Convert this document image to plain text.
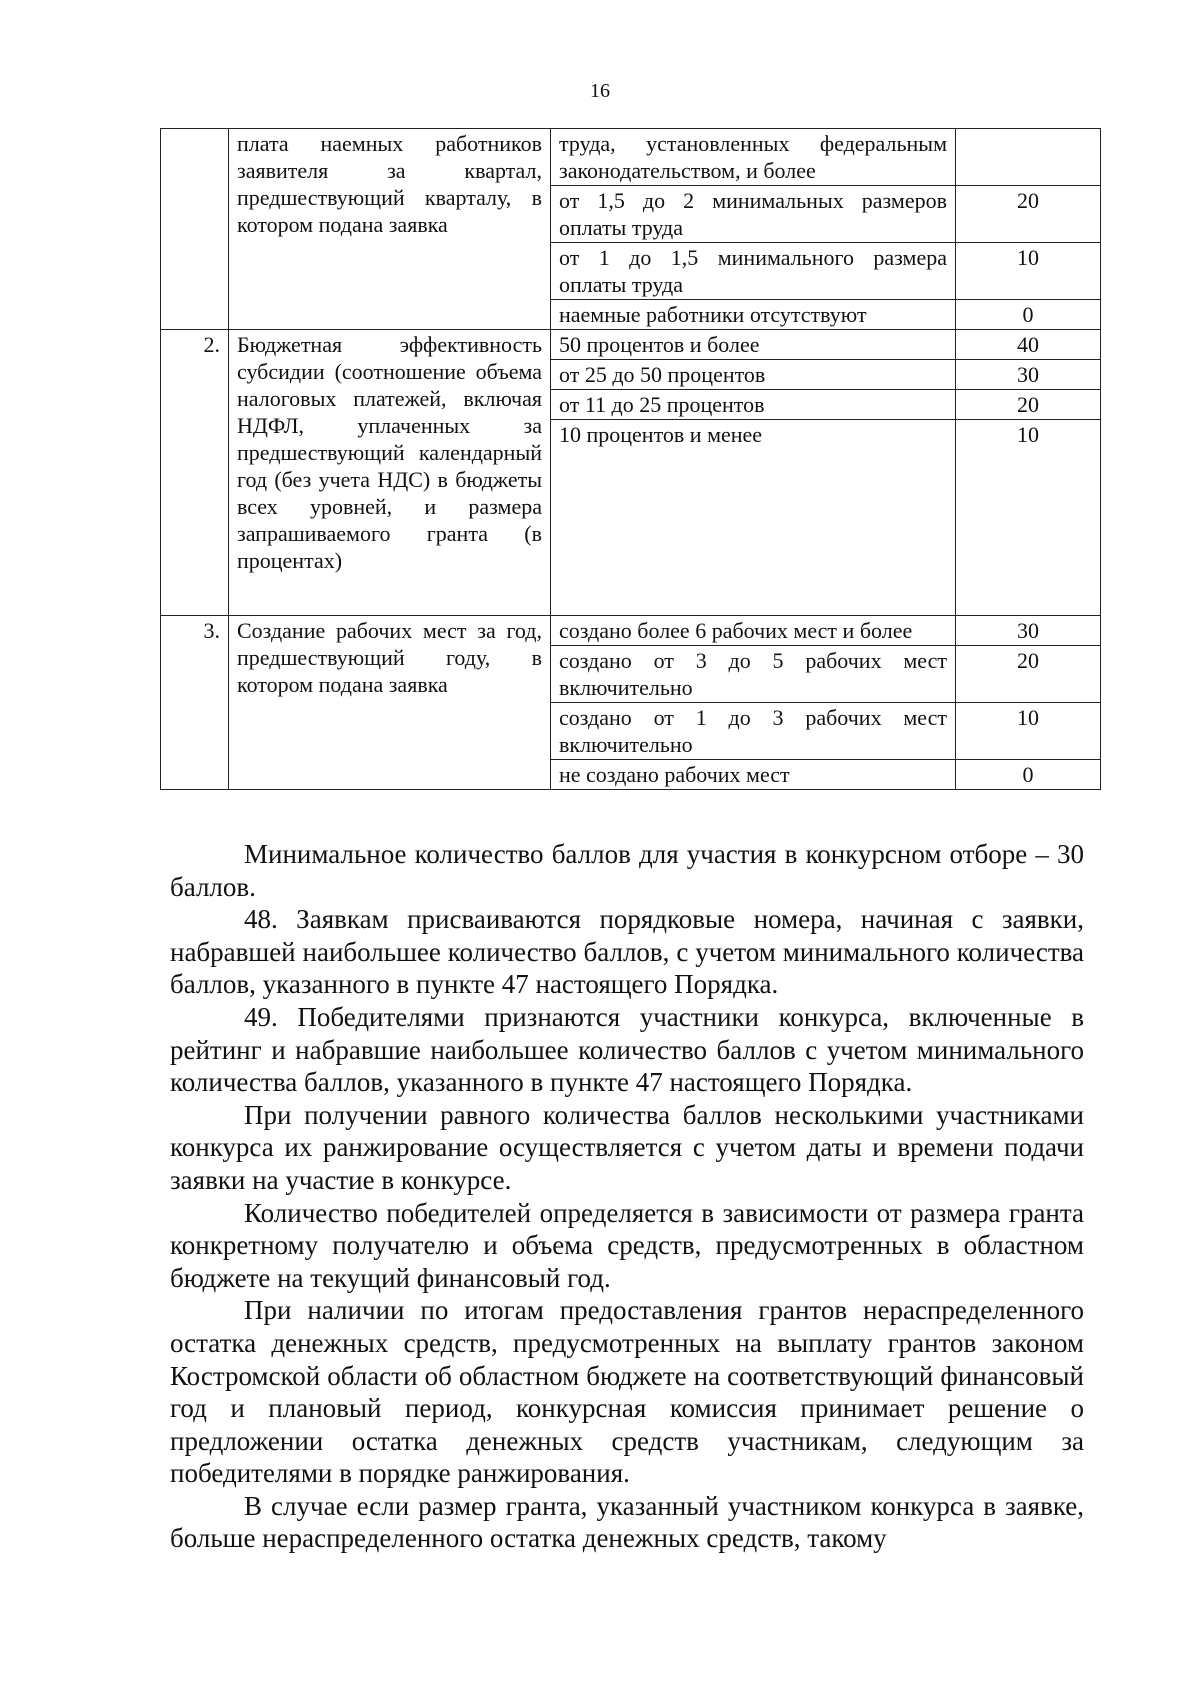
16
	плата наемных работников заявителя за квартал, предшествующий кварталу, в котором подана заявка	труда, установленных федеральным законодательством, и более	
		от 1,5 до 2 минимальных размеров оплаты труда	20
		от 1 до 1,5 минимального размера оплаты труда	10
		наемные работники отсутствуют	0
2.	Бюджетная эффективность субсидии (соотношение объема налоговых платежей, включая НДФЛ, уплаченных за предшествующий календарный год (без учета НДС) в бюджеты всех уровней, и размера запрашиваемого гранта (в процентах)	50 процентов и более	40
		от 25 до 50 процентов	30
		от 11 до 25 процентов	20
		10 процентов и менее	10
3.	Создание рабочих мест за год, предшествующий году, в котором подана заявка	создано более 6 рабочих мест и более	30
		создано от 3 до 5 рабочих мест включительно	20
		создано от 1 до 3 рабочих мест включительно	10
		не создано рабочих мест	0

Минимальное количество баллов для участия в конкурсном отборе – 30 баллов.

48. Заявкам присваиваются порядковые номера, начиная с заявки, набравшей наибольшее количество баллов, с учетом минимального количества баллов, указанного в пункте 47 настоящего Порядка.

49. Победителями признаются участники конкурса, включенные в рейтинг и набравшие наибольшее количество баллов с учетом минимального количества баллов, указанного в пункте 47 настоящего Порядка.

При получении равного количества баллов несколькими участниками конкурса их ранжирование осуществляется с учетом даты и времени подачи заявки на участие в конкурсе.

Количество победителей определяется в зависимости от размера гранта конкретному получателю и объема средств, предусмотренных в областном бюджете на текущий финансовый год.

При наличии по итогам предоставления грантов нераспределенного остатка денежных средств, предусмотренных на выплату грантов законом Костромской области об областном бюджете на соответствующий финансовый год и плановый период, конкурсная комиссия принимает решение о предложении остатка денежных средств участникам, следующим за победителями в порядке ранжирования.

В случае если размер гранта, указанный участником конкурса в заявке, больше нераспределенного остатка денежных средств, такому
